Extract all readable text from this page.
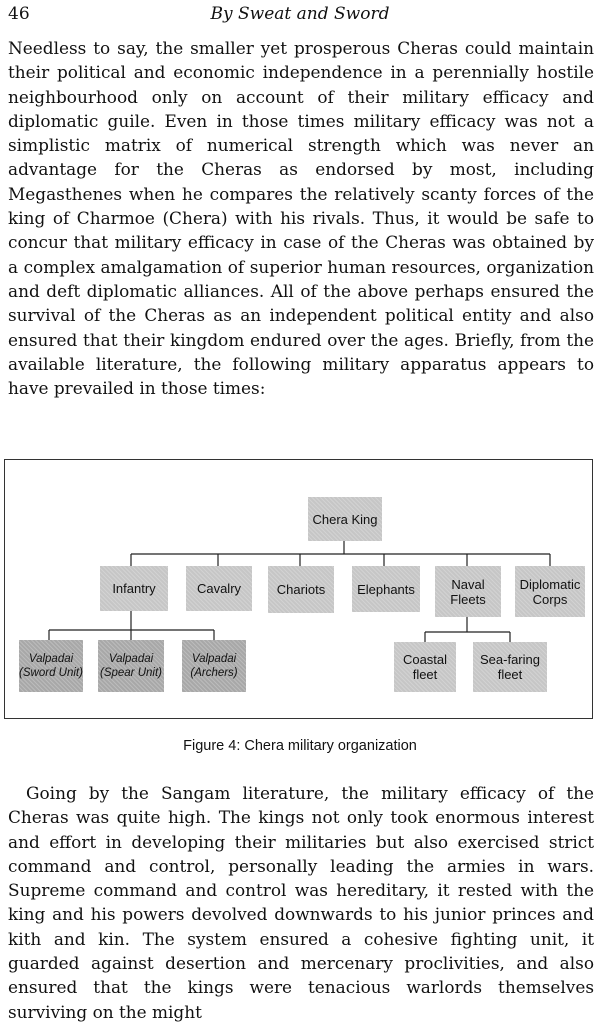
46	By Sweat and Sword

Needless to say, the smaller yet prosperous Cheras could maintain their political and economic independence in a perennially hostile neighbourhood only on account of their military efficacy and diplomatic guile. Even in those times military efficacy was not a simplistic matrix of numerical strength which was never an advantage for the Cheras as endorsed by most, including Megasthenes when he compares the relatively scanty forces of the king of Charmoe (Chera) with his rivals. Thus, it would be safe to concur that military efficacy in case of the Cheras was obtained by a complex amalgamation of superior human resources, organization and deft diplomatic alliances. All of the above perhaps ensured the survival of the Cheras as an independent political entity and also ensured that their kingdom endured over the ages. Briefly, from the available literature, the following military apparatus appears to have prevailed in those times:

Chera King
Infantry	Cavalry	Chariots	Elephants	Naval Fleets
Diplomatic Corps
Valpadai
(Sword Unit)
Valpadai
(Spear Unit)
Valpadai
(Archers)
Coastal fleet
Sea-faring fleet
Figure 4: Chera military organization

Going by the Sangam literature, the military efficacy of the Cheras was quite high. The kings not only took enormous interest and effort in developing their militaries but also exercised strict command and control, personally leading the armies in wars. Supreme command and control was hereditary, it rested with the king and his powers devolved downwards to his junior princes and kith and kin. The system ensured a cohesive fighting unit, it guarded against desertion and mercenary proclivities, and also ensured that the kings were tenacious warlords themselves surviving on the might
